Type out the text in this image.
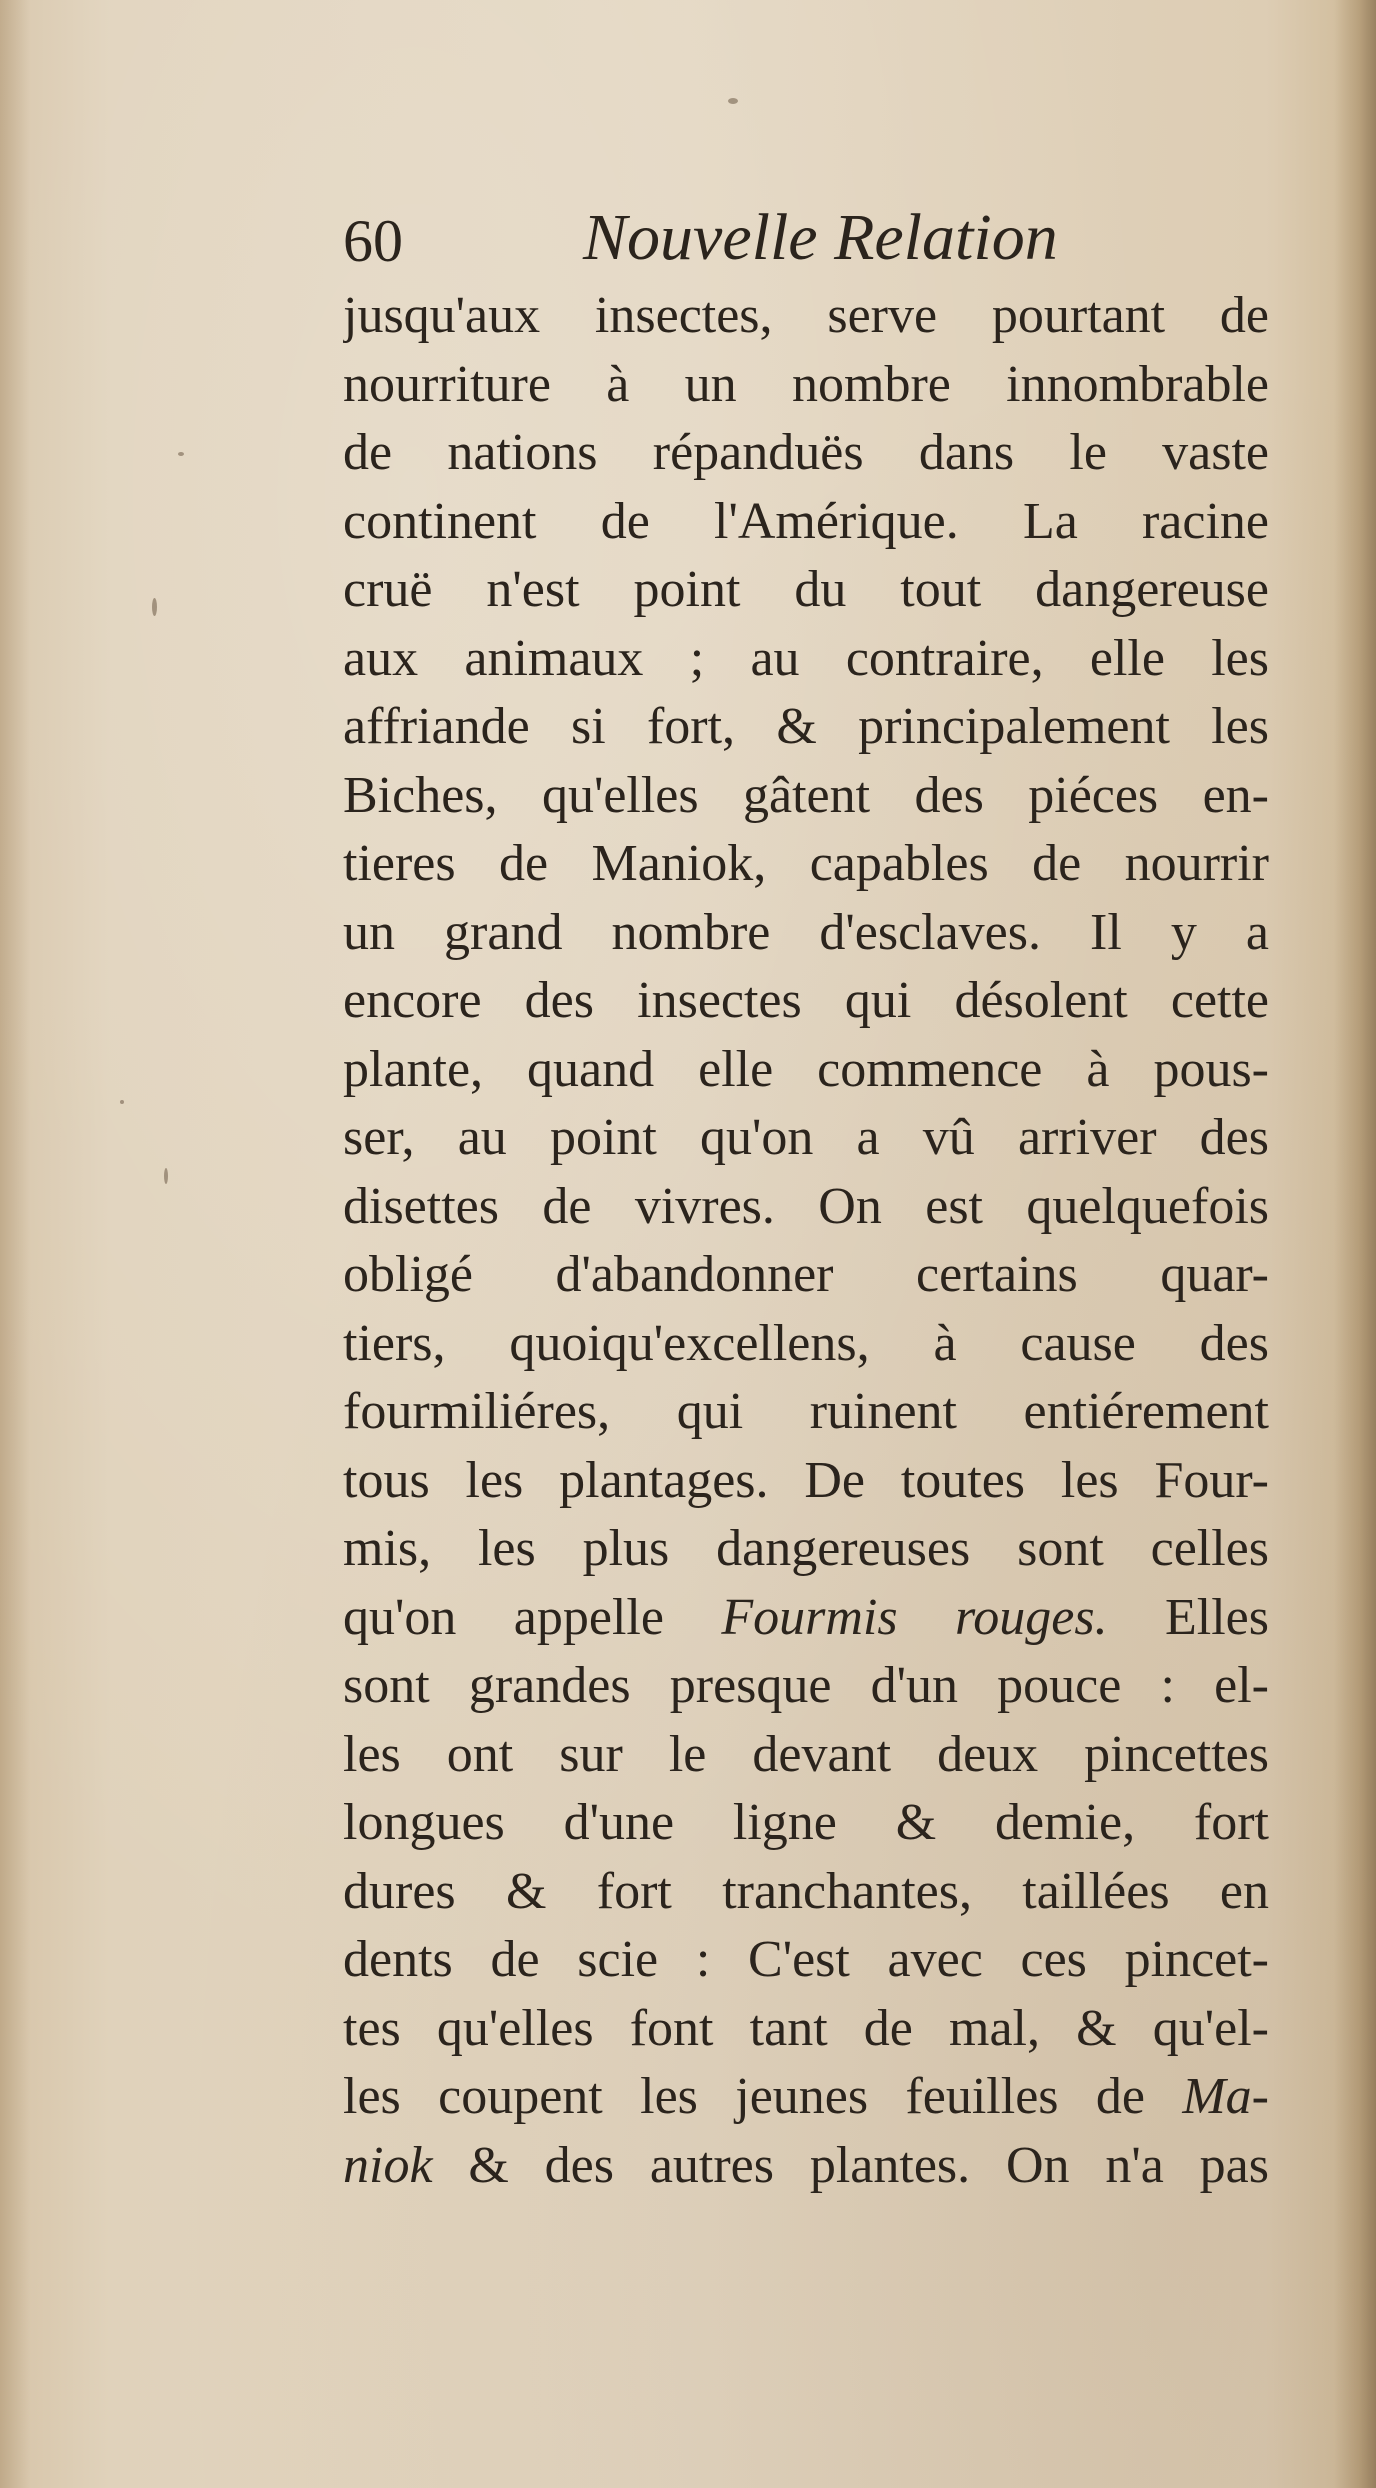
60	Nouvelle Relation
jusqu'aux insectes, serve pourtant de
nourriture à un nombre innombrable
de nations répanduës dans le vaste
continent de l'Amérique. La racine
cruë n'est point du tout dangereuse
aux animaux ; au contraire, elle les
affriande si fort, & principalement les
Biches, qu'elles gâtent des piéces en-
tieres de Maniok, capables de nourrir
un grand nombre d'esclaves. Il y a
encore des insectes qui désolent cette
plante, quand elle commence à pous-
ser, au point qu'on a vû arriver des
disettes de vivres. On est quelquefois
obligé d'abandonner certains quar-
tiers, quoiqu'excellens, à cause des
fourmiliéres, qui ruinent entiérement
tous les plantages. De toutes les Four-
mis, les plus dangereuses sont celles
qu'on appelle Fourmis rouges. Elles
sont grandes presque d'un pouce : el-
les ont sur le devant deux pincettes
longues d'une ligne & demie, fort
dures & fort tranchantes, taillées en
dents de scie : C'est avec ces pincet-
tes qu'elles font tant de mal, & qu'el-
les coupent les jeunes feuilles de Ma-
niok & des autres plantes. On n'a pas
